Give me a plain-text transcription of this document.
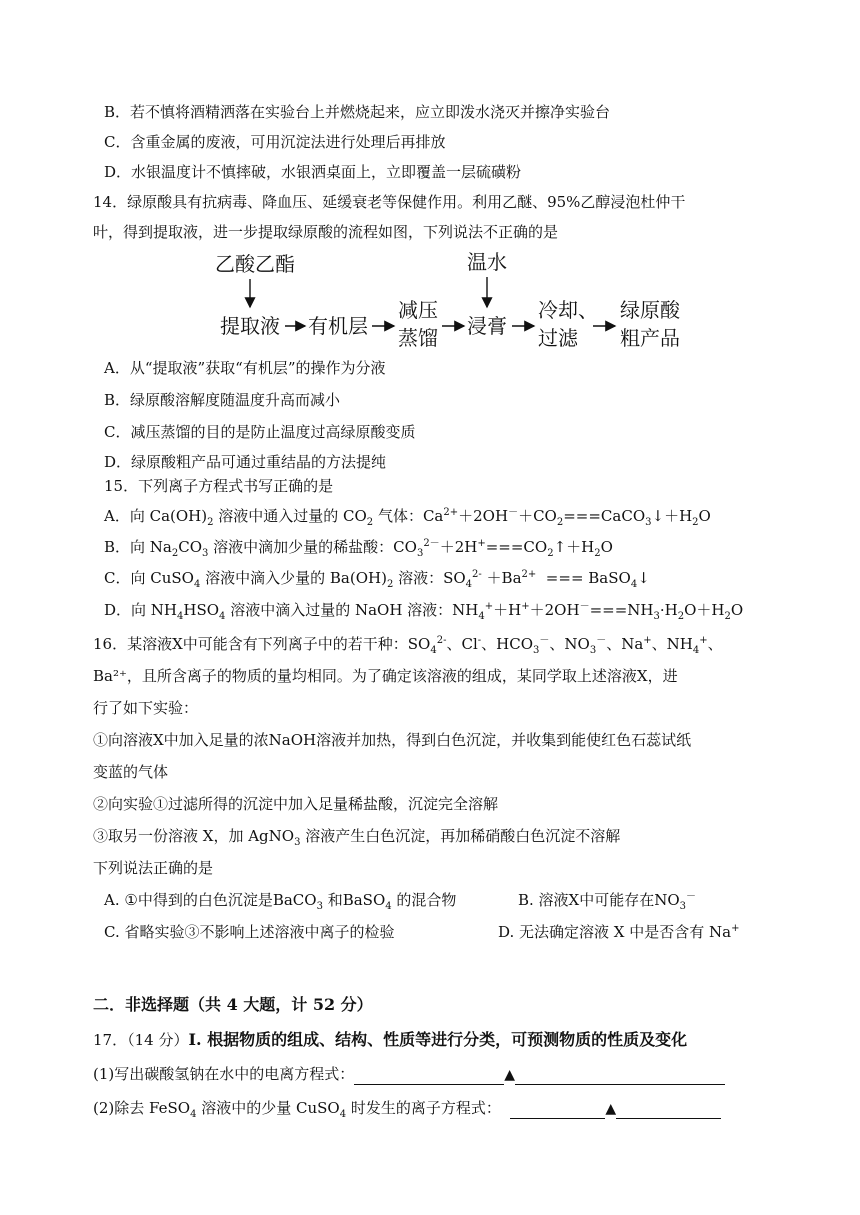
B．若不慎将酒精洒落在实验台上并燃烧起来，应立即泼水浇灭并擦净实验台
C．含重金属的废液，可用沉淀法进行处理后再排放
D．水银温度计不慎摔破，水银洒桌面上，立即覆盖一层硫磺粉
14．绿原酸具有抗病毒、降血压、延缓衰老等保健作用。利用乙醚、95%乙醇浸泡杜仲干
叶，得到提取液，进一步提取绿原酸的流程如图，下列说法不正确的是
乙酸乙酯	温水
提取液 有机层
减压
蒸馏 浸膏
冷却、
过滤
绿原酸
粗产品
A．从“提取液”获取“有机层”的操作为分液
B．绿原酸溶解度随温度升高而减小
C．减压蒸馏的目的是防止温度过高绿原酸变质
D．绿原酸粗产品可通过重结晶的方法提纯
15．下列离子方程式书写正确的是
A．向 $Ca(OH)_2$ 溶液中通入过量的 $CO_2$ 气体：$Ca^{2+}+2OH^-+CO_2===CaCO_3↓+H_2O$
B．向 $Na_2CO_3$ 溶液中滴加少量的稀盐酸：$CO_3^{2-}+2H^+===CO_2↑+H_2O$
C．向 CuSO$_4$ 溶液中滴入少量的 $Ba(OH)_2$ 溶液：$SO_4^{2-} +Ba^{2+}$  === BaSO$_4$↓
D．向 $NH_4HSO_4$ 溶液中滴入过量的 NaOH 溶液：$NH_4^++H^++2OH^-===NH_3\cdot H_2O+H_2O$
16．某溶液X中可能含有下列离子中的若干种：$SO_4^{2-}$、Cl-、$HCO_3^-$、$NO_3^-$、Na+、$NH_4^+$、
Ba²⁺，且所含离子的物质的量均相同。为了确定该溶液的组成，某同学取上述溶液X，进
行了如下实验：
①向溶液X中加入足量的浓NaOH溶液并加热，得到白色沉淀，并收集到能使红色石蕊试纸
变蓝的气体
②向实验①过滤所得的沉淀中加入足量稀盐酸，沉淀完全溶解
③取另一份溶液 X，加 AgNO$_3$ 溶液产生白色沉淀，再加稀硝酸白色沉淀不溶解
下列说法正确的是
A. ①中得到的白色沉淀是BaCO$_3$ 和BaSO$_4$ 的混合物	B. 溶液X中可能存在$NO_3^-$
C. 省略实验③不影响上述溶液中离子的检验	D. 无法确定溶液 X 中是否含有 Na+
二．非选择题（共 4 大题，计 52 分）
17．（14 分）Ⅰ. 根据物质的组成、结构、性质等进行分类，可预测物质的性质及变化
(1)写出碳酸氢钠在水中的电离方程式：	▲
(2)除去 FeSO$_4$ 溶液中的少量 CuSO$_4$ 时发生的离子方程式：	▲
